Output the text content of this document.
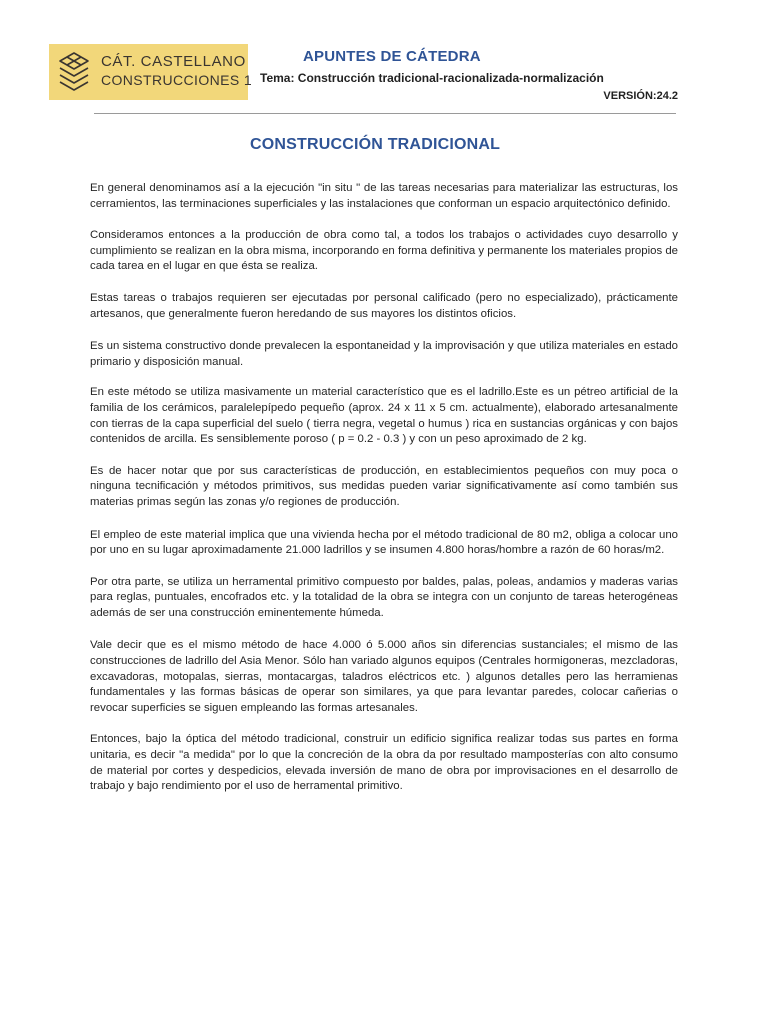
CÁT. CASTELLANO
CONSTRUCCIONES 1
APUNTES DE CÁTEDRA
Tema: Construcción tradicional-racionalizada-normalización
VERSIÓN:24.2
CONSTRUCCIÓN TRADICIONAL

En general denominamos así a la ejecución "in situ " de las tareas necesarias para materializar las estructuras, los cerramientos, las terminaciones superficiales y las instalaciones que conforman un espacio arquitectónico definido.

Consideramos entonces a la producción de obra como tal, a todos los trabajos o actividades cuyo desarrollo y cumplimiento se realizan en la obra misma, incorporando en forma definitiva y permanente los materiales propios de cada tarea en el lugar en que ésta se realiza.

Estas tareas o trabajos requieren ser ejecutadas por personal calificado (pero no especializado), prácticamente artesanos, que generalmente fueron heredando de sus mayores los distintos oficios.

Es un sistema constructivo donde prevalecen la espontaneidad y la improvisación y que utiliza materiales en estado primario y disposición manual.

En este método se utiliza masivamente un material característico que es el ladrillo.Este es un pétreo artificial de la familia de los cerámicos, paralelepípedo pequeño (aprox. 24 x 11 x 5 cm. actualmente), elaborado artesanalmente con tierras de la capa superficial del suelo ( tierra negra, vegetal o humus ) rica en sustancias orgánicas y con bajos contenidos de arcilla. Es sensiblemente poroso ( p = 0.2 - 0.3 ) y con un peso aproximado de 2 kg.

Es de hacer notar que por sus características de producción, en establecimientos pequeños con muy poca o ninguna tecnificación y métodos primitivos, sus medidas pueden variar significativamente así como también sus materias primas según las zonas y/o regiones de producción.

El empleo de este material implica que una vivienda hecha por el método tradicional de 80 m2, obliga a colocar uno por uno en su lugar aproximadamente 21.000 ladrillos y se insumen 4.800 horas/hombre a razón de 60 horas/m2.

Por otra parte, se utiliza un herramental primitivo compuesto por baldes, palas, poleas, andamios y maderas varias para reglas, puntuales, encofrados etc. y la totalidad de la obra se integra con un conjunto de tareas heterogéneas además de ser una construcción eminentemente húmeda.

Vale decir que es el mismo método de hace 4.000 ó 5.000 años sin diferencias sustanciales; el mismo de las construcciones de ladrillo del Asia Menor. Sólo han variado algunos equipos (Centrales hormigoneras, mezcladoras, excavadoras, motopalas, sierras, montacargas, taladros eléctricos etc. ) algunos detalles pero las herramienas fundamentales y las formas básicas de operar son similares, ya que para levantar paredes, colocar cañerias o revocar superficies se siguen empleando las formas artesanales.

Entonces, bajo la óptica del método tradicional, construir un edificio significa realizar todas sus partes en forma unitaria, es decir "a medida" por lo que la concreción de la obra da por resultado mamposterías con alto consumo de material por cortes y despedicios, elevada inversión de mano de obra por improvisaciones en el desarrollo de trabajo y bajo rendimiento por el uso de herramental primitivo.
